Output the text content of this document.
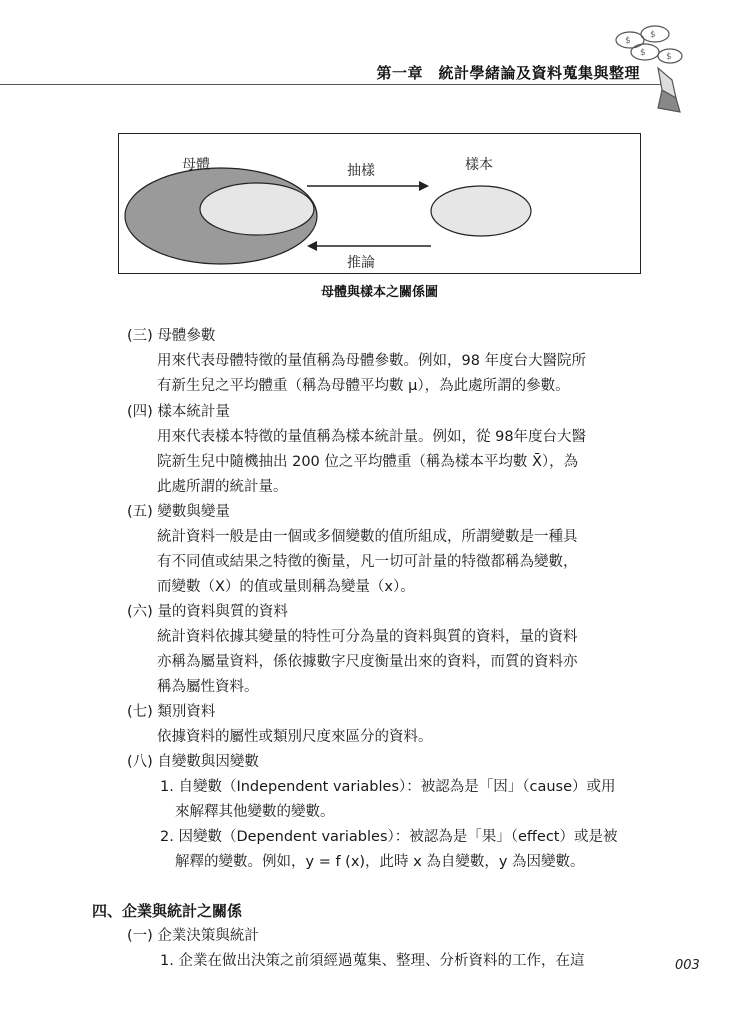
第一章　統計學緒論及資料蒐集與整理
$
$
$ $
母體	抽樣	樣本
推論
母體與樣本之關係圖
(三) 母體參數
用來代表母體特徵的量值稱為母體參數。例如，98 年度台大醫院所
有新生兒之平均體重（稱為母體平均數 μ），為此處所謂的參數。
(四) 樣本統計量
用來代表樣本特徵的量值稱為樣本統計量。例如，從 98年度台大醫
院新生兒中隨機抽出 200 位之平均體重（稱為樣本平均數 X̄），為
此處所謂的統計量。
(五) 變數與變量
統計資料一般是由一個或多個變數的值所組成，所謂變數是一種具
有不同值或結果之特徵的衡量，凡一切可計量的特徵都稱為變數，
而變數（X）的值或量則稱為變量（x）。
(六) 量的資料與質的資料
統計資料依據其變量的特性可分為量的資料與質的資料，量的資料
亦稱為屬量資料，係依據數字尺度衡量出來的資料，而質的資料亦
稱為屬性資料。
(七) 類別資料
依據資料的屬性或類別尺度來區分的資料。
(八) 自變數與因變數
1. 自變數（Independent variables）：被認為是「因」（cause）或用
來解釋其他變數的變數。
2. 因變數（Dependent variables）：被認為是「果」（effect）或是被
解釋的變數。例如，y = f (x)，此時 x 為自變數，y 為因變數。
四、企業與統計之關係
(一) 企業決策與統計
1. 企業在做出決策之前須經過蒐集、整理、分析資料的工作，在這	003
